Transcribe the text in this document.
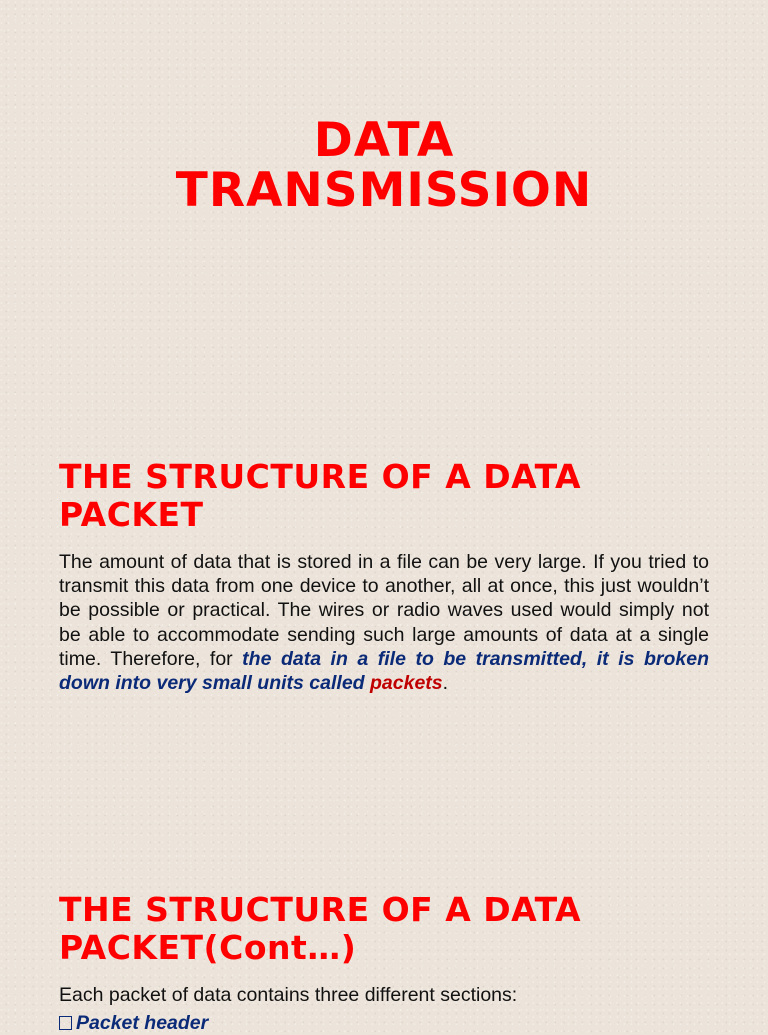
DATA
TRANSMISSION
THE STRUCTURE OF A DATA
PACKET

The amount of data that is stored in a file can be very large. If you tried to transmit this data from one device to another, all at once, this just wouldn’t be possible or practical. The wires or radio waves used would simply not be able to accommodate sending such large amounts of data at a single time. Therefore, for the data in a file to be transmitted, it is broken down into very small units called packets.

THE STRUCTURE OF A DATA
PACKET(Cont…)

Each packet of data contains three different sections:

Packet header
